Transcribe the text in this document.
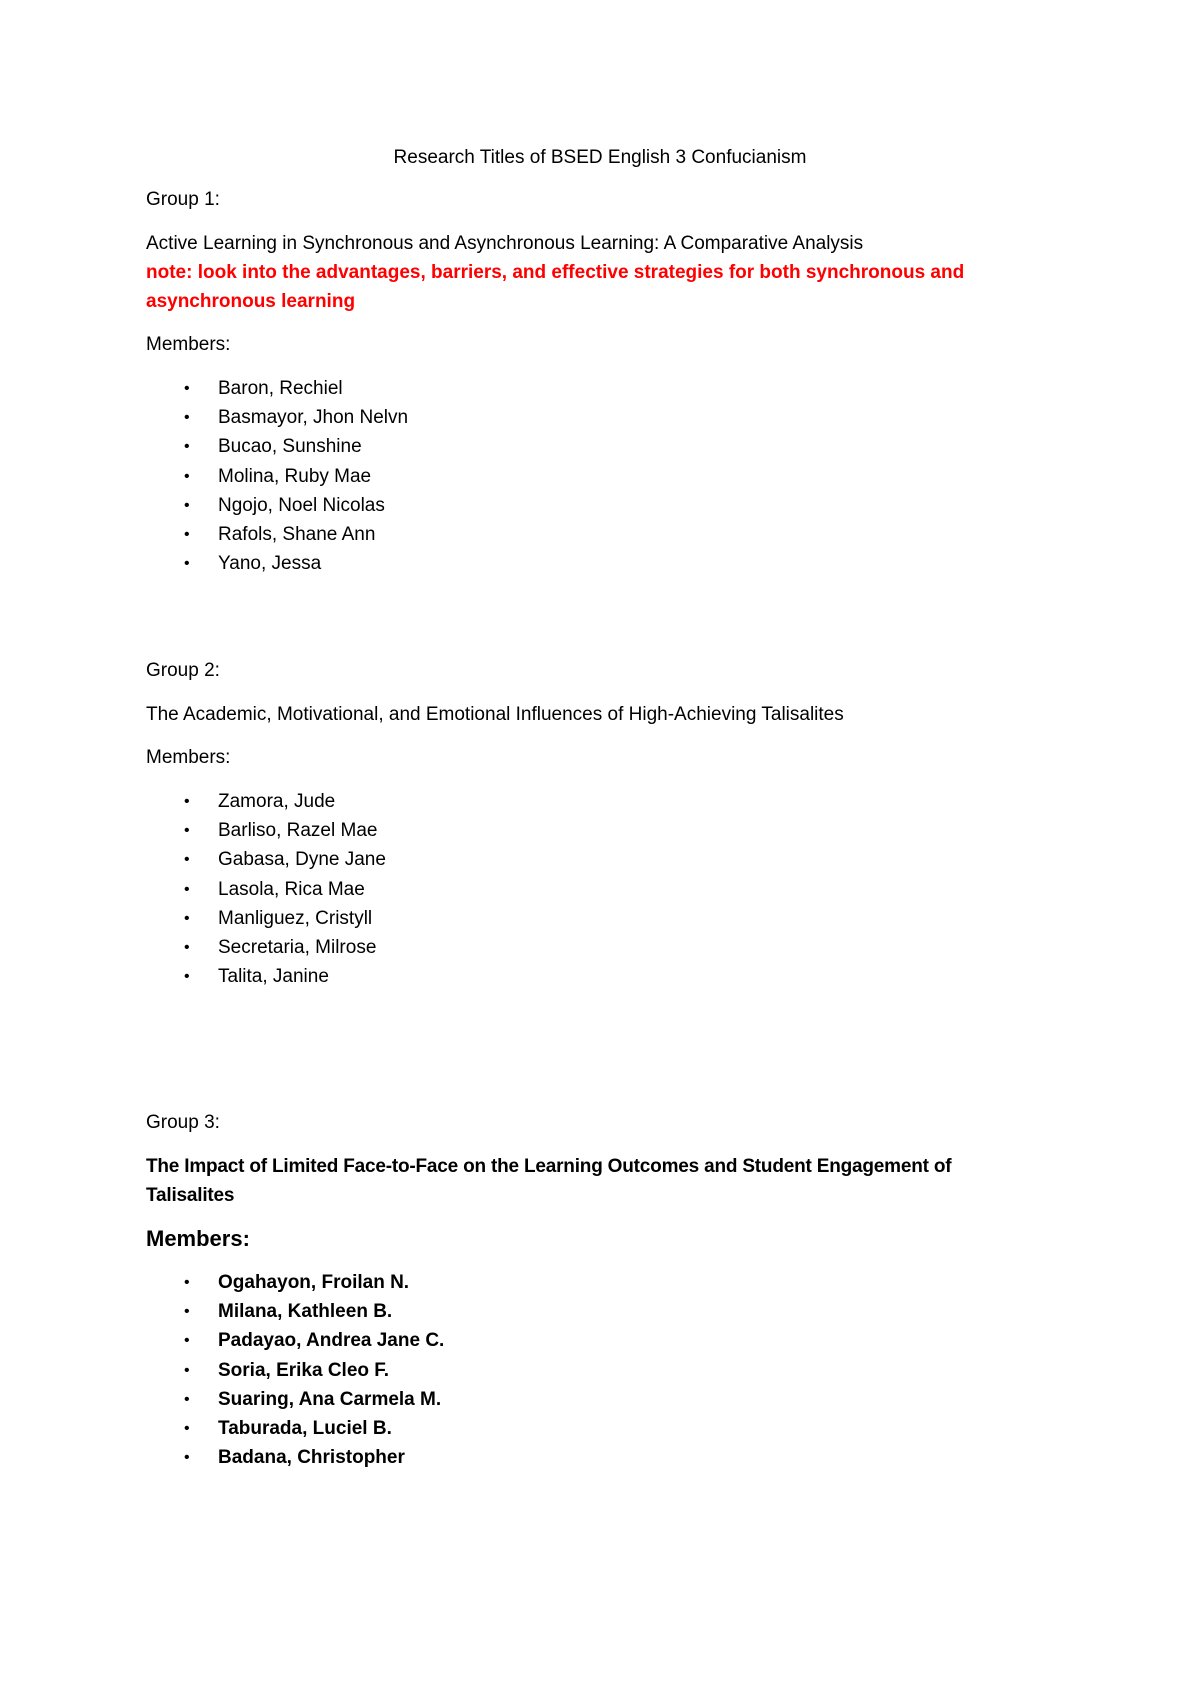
Research Titles of BSED English 3 Confucianism

Group 1:

Active Learning in Synchronous and Asynchronous Learning: A Comparative Analysis

note: look into the advantages, barriers, and effective strategies for both synchronous and asynchronous learning

Members:

• Baron, Rechiel
• Basmayor, Jhon Nelvn
• Bucao, Sunshine
• Molina, Ruby Mae
• Ngojo, Noel Nicolas
• Rafols, Shane Ann
• Yano, Jessa

Group 2:

The Academic, Motivational, and Emotional Influences of High-Achieving Talisalites

Members:

• Zamora, Jude
• Barliso, Razel Mae
• Gabasa, Dyne Jane
• Lasola, Rica Mae
• Manliguez, Cristyll
• Secretaria, Milrose
• Talita, Janine

Group 3:

The Impact of Limited Face-to-Face on the Learning Outcomes and Student Engagement of Talisalites

Members:

• Ogahayon, Froilan N.
• Milana, Kathleen B.
• Padayao, Andrea Jane C.
• Soria, Erika Cleo F.
• Suaring, Ana Carmela M.
• Taburada, Luciel B.
• Badana, Christopher
